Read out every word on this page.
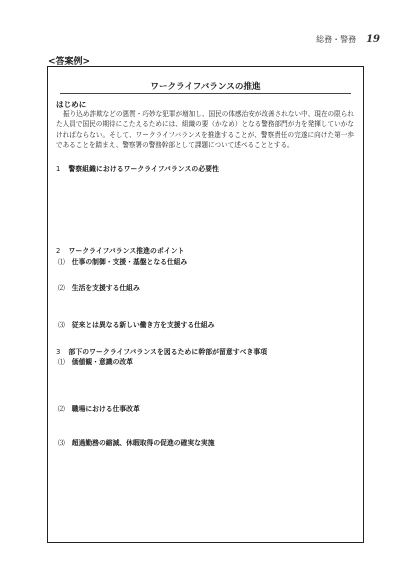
総務・警務 19
<答案例>
ワークライフバランスの推進
はじめに
振り込め詐欺などの悪質・巧妙な犯罪が増加し、国民の体感治安が改善されない中、現在の限られた人員で国民の期待にこたえるためには、組織の要（かなめ）となる警務部門が力を発揮していかなければならない。そして、ワークライフバランスを推進することが、警察責任の完遂に向けた第一歩であることを踏まえ、警察署の警務幹部として課題について述べることとする。
1 警察組織におけるワークライフバランスの必要性
2 ワークライフバランス推進のポイント
⑴ 仕事の制御・支援・基盤となる仕組み
⑵ 生活を支援する仕組み
⑶ 従来とは異なる新しい働き方を支援する仕組み
3 部下のワークライフバランスを図るために幹部が留意すべき事項
⑴ 価値観・意識の改革
⑵ 職場における仕事改革
⑶ 超過勤務の縮減、休暇取得の促進の確実な実施
